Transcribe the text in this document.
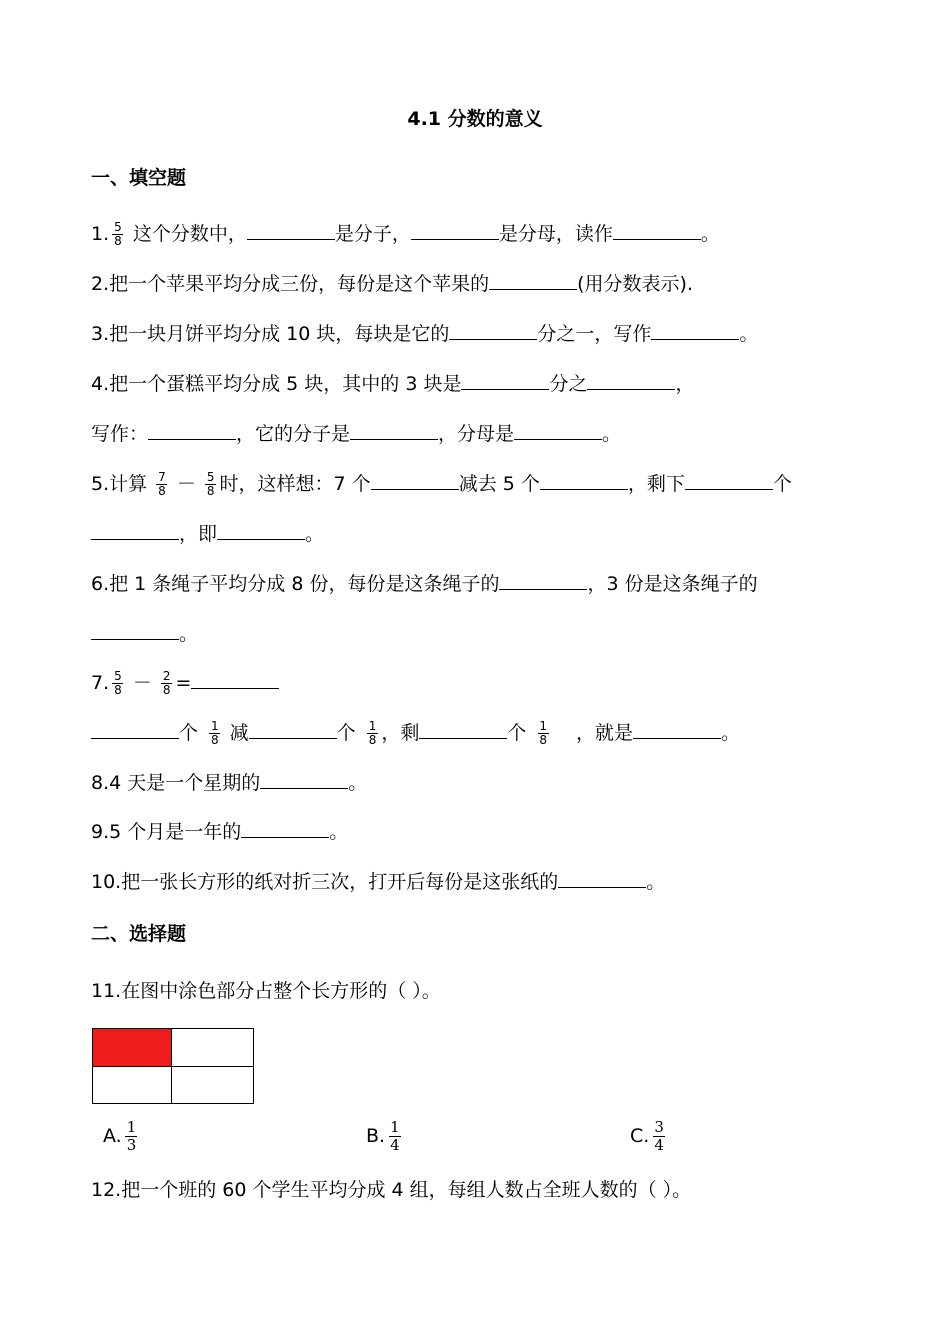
4.1 分数的意义
一、填空题
1. $\frac{5}{8}$ 这个分数中，	是分子，	是分母，读作	。
2.把一个苹果平均分成三份，每份是这个苹果的	(用分数表示).
3.把一块月饼平均分成 10 块，每块是它的	分之一，写作	。
4.把一个蛋糕平均分成 5 块，其中的 3 块是	分之	，
写作：	，它的分子是	，分母是	。
5.计算 $\frac{7}{8} - \frac{5}{8}$ 时，这样想：7 个	减去 5 个	，剩下	个
，即	。
6.把 1 条绳子平均分成 8 份，每份是这条绳子的	，3 份是这条绳子的
。
7. $\frac{5}{8} - \frac{2}{8}$ =
个 $\frac{1}{8}$ 减	个 $\frac{1}{8}$ ，剩	个 $\frac{1}{8}$ ，就是	。
8.4 天是一个星期的	。
9.5 个月是一年的	。
10.把一张长方形的纸对折三次，打开后每份是这张纸的	。
二、选择题
11.在图中涂色部分占整个长方形的（ ）。
A. $\frac{1}{3}$	B. $\frac{1}{4}$	C. $\frac{3}{4}$
12.把一个班的 60 个学生平均分成 4 组，每组人数占全班人数的（ ）。
